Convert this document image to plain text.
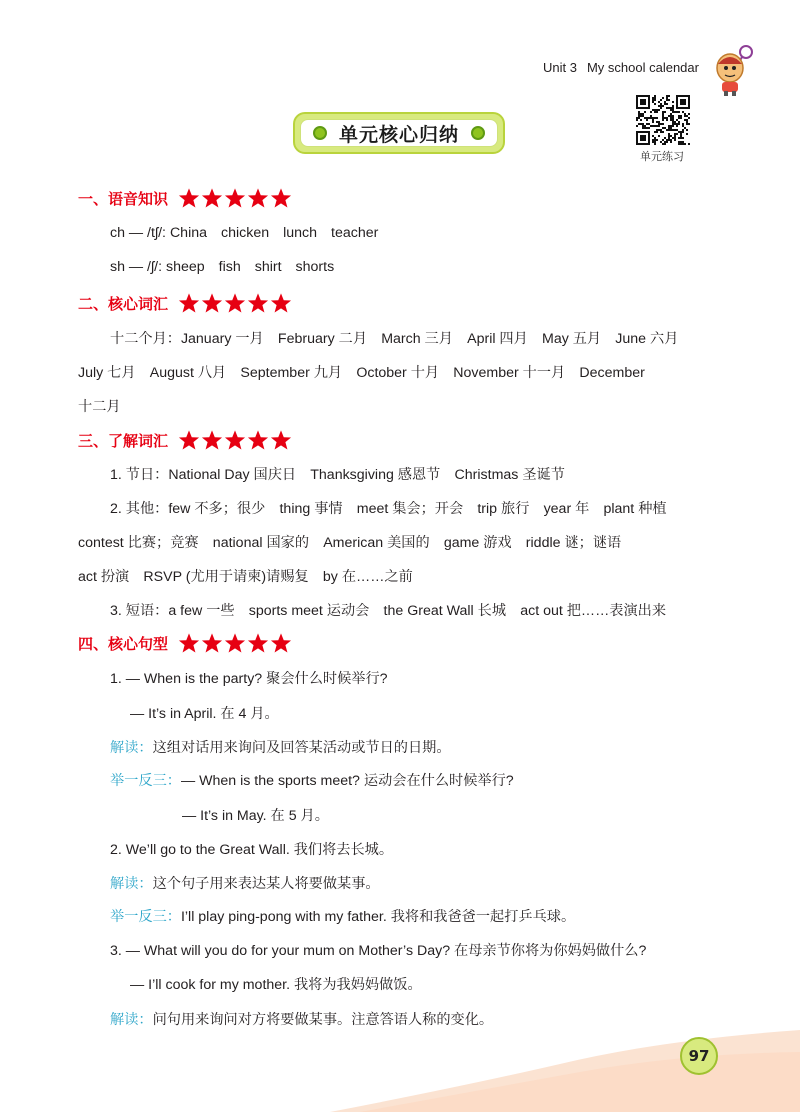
Unit 3 My school calendar
单元练习
单元核心归纳
一、语音知识
ch — /tʃ/: China chicken lunch teacher
sh — /ʃ/: sheep fish shirt shorts
二、核心词汇
十二个月：January 一月　February 二月　March 三月　April 四月　May 五月　June 六月
July 七月　August 八月　September 九月　October 十月　November 十一月　December
十二月
三、了解词汇
1. 节日：National Day 国庆日　Thanksgiving 感恩节　Christmas 圣诞节
2. 其他：few 不多；很少　thing 事情　meet 集会；开会　trip 旅行　year 年　plant 种植
contest 比赛；竞赛　national 国家的　American 美国的　game 游戏　riddle 谜；谜语
act 扮演　RSVP (尤用于请柬)请赐复　by 在……之前
3. 短语：a few 一些　sports meet 运动会　the Great Wall 长城　act out 把……表演出来
四、核心句型
1. — When is the party? 聚会什么时候举行?
— It’s in April. 在 4 月。
解读：这组对话用来询问及回答某活动或节日的日期。
举一反三：— When is the sports meet? 运动会在什么时候举行?
— It’s in May. 在 5 月。
2. We’ll go to the Great Wall. 我们将去长城。
解读：这个句子用来表达某人将要做某事。
举一反三：I’ll play ping-pong with my father. 我将和我爸爸一起打乒乓球。
3. — What will you do for your mum on Mother’s Day? 在母亲节你将为你妈妈做什么?
— I’ll cook for my mother. 我将为我妈妈做饭。
解读：问句用来询问对方将要做某事。注意答语人称的变化。
97
